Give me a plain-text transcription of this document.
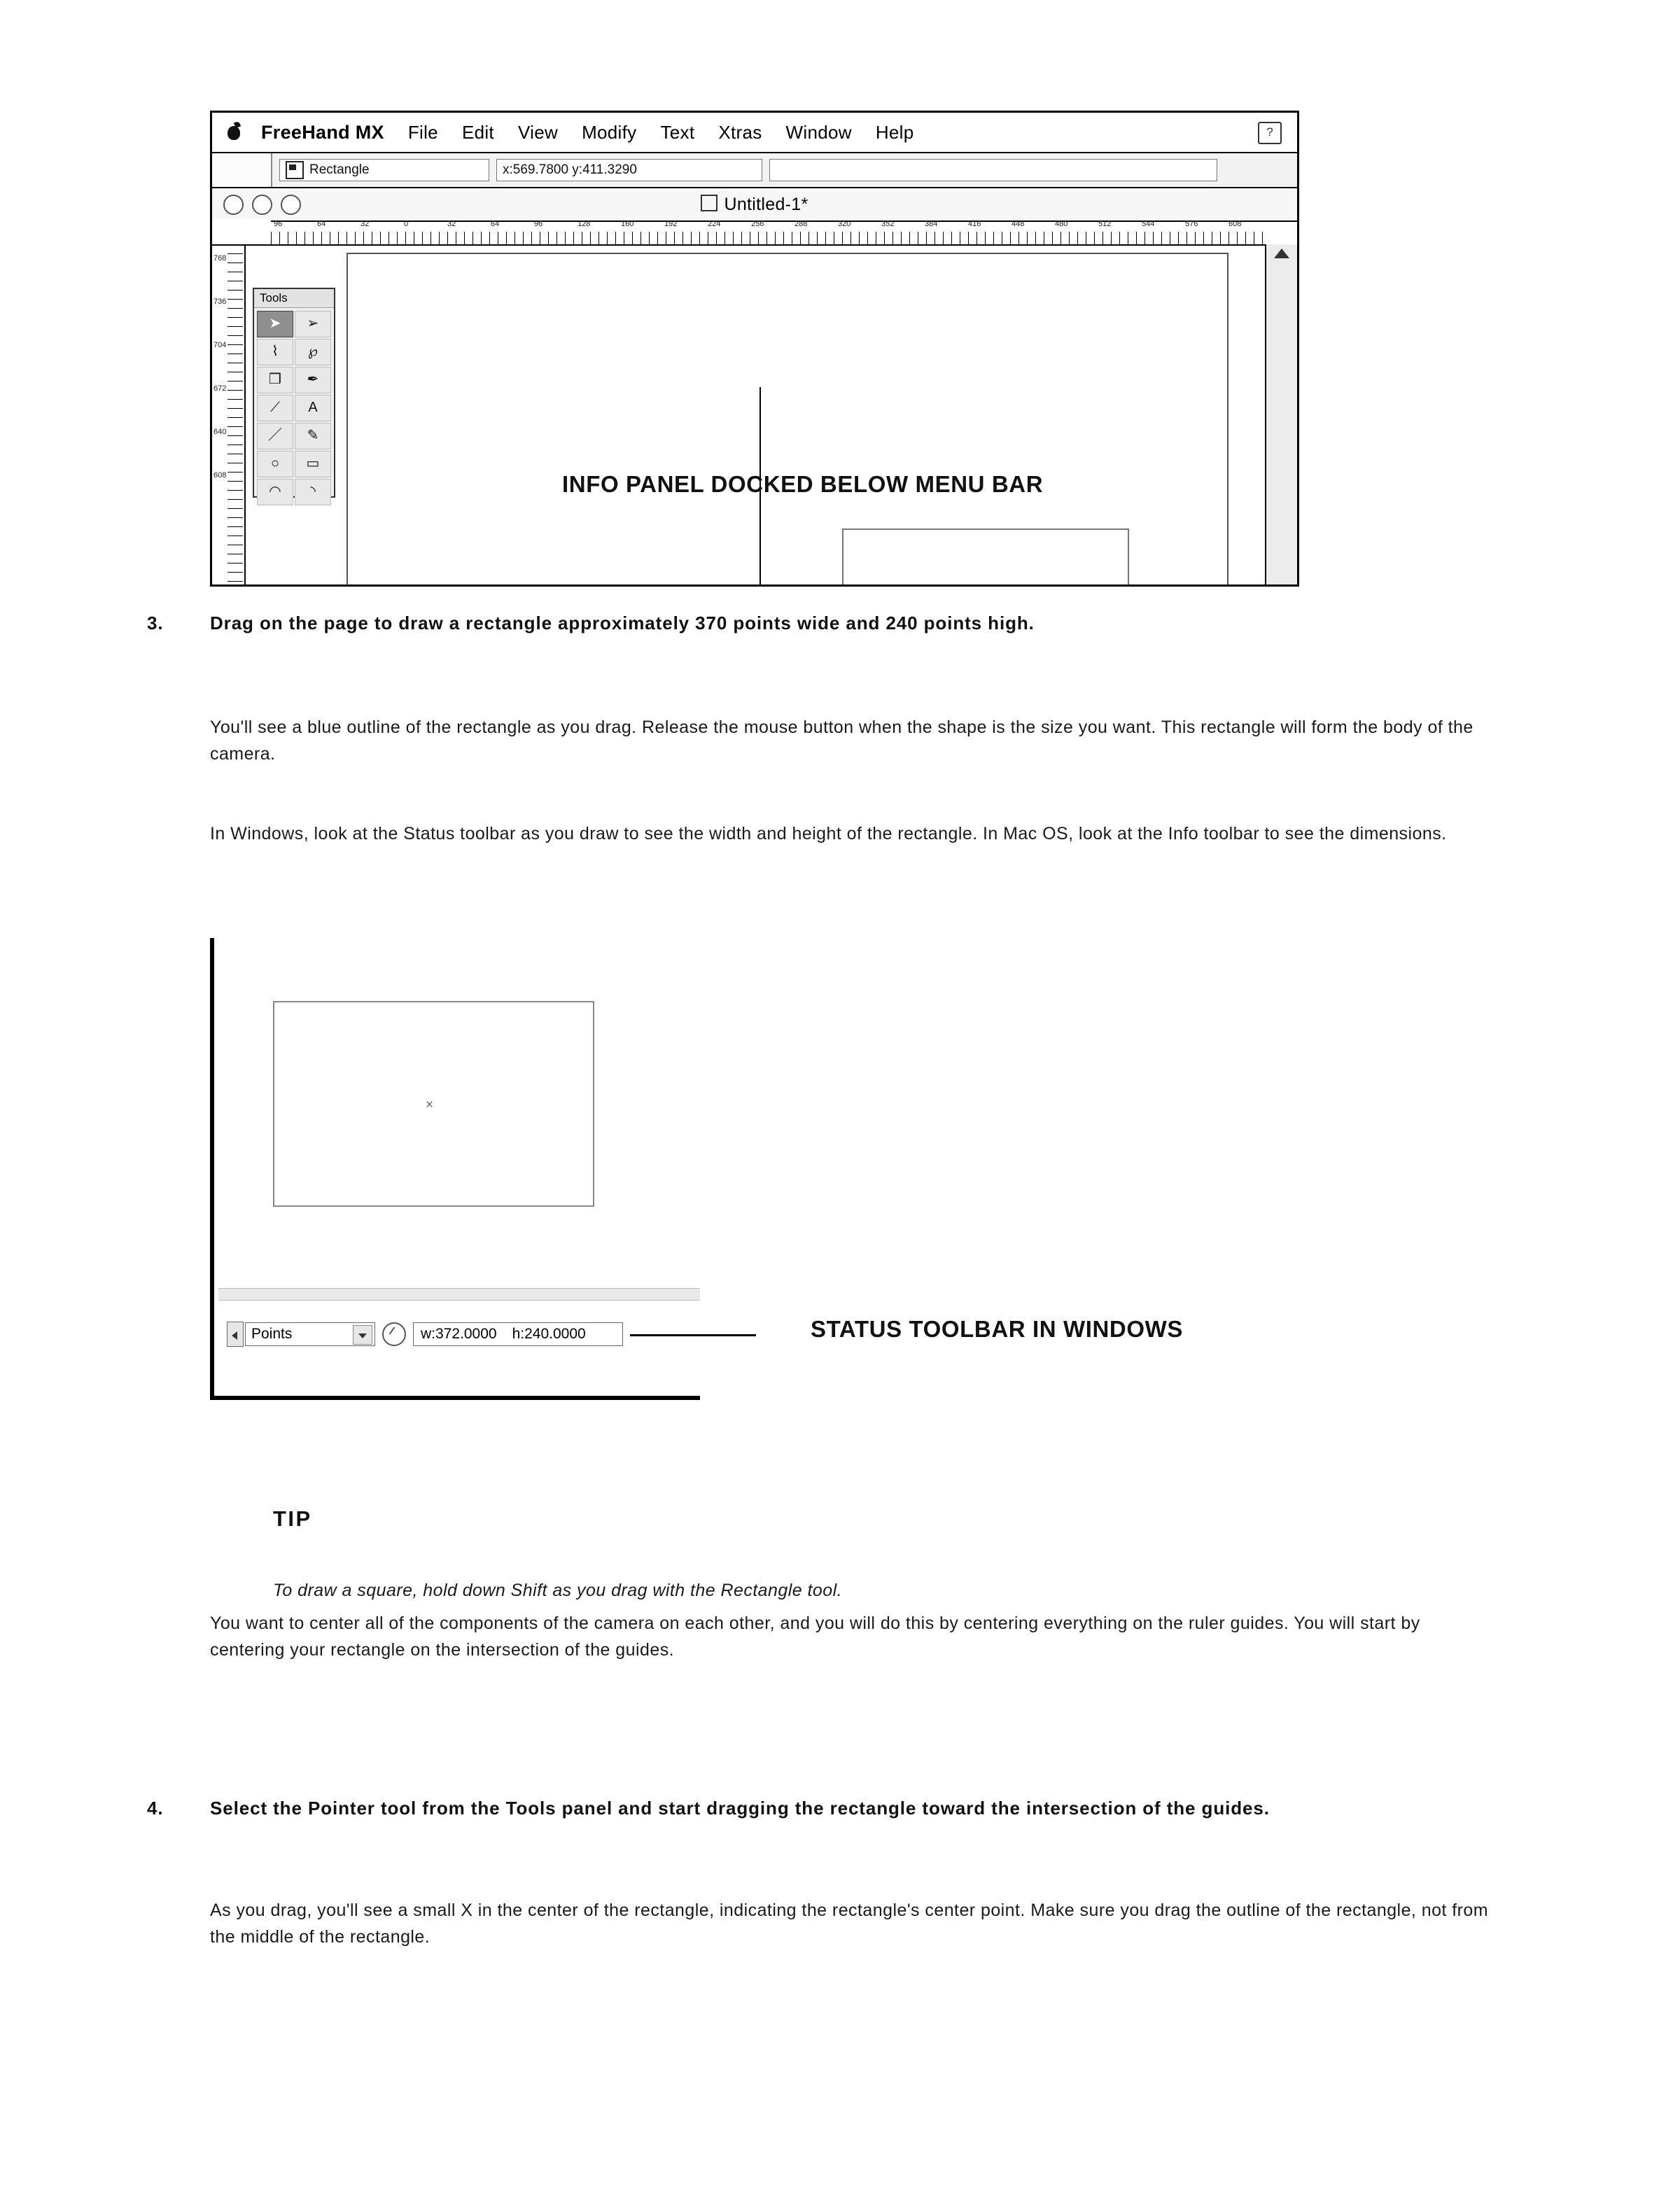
FreeHand MX File Edit View Modify Text Xtras Window Help	?
Rectangle	x:569.7800 y:411.3290
Untitled-1*
96	64	32	0	32	64	96	128	160	192	224	256	288	320	352	384	416	448	480	512	544	576	608
768
736
704
672
640
608
Tools
➤	➢
⌇	℘
❒	✒
⟋	A
／	✎
○	▭
◠	◝	INFO PANEL DOCKED BELOW MENU BAR
3.	Drag on the page to draw a rectangle approximately 370 points wide and 240 points high.
You'll see a blue outline of the rectangle as you drag. Release the mouse button when the shape is the size you want. This rectangle will form the body of the camera.
In Windows, look at the Status toolbar as you draw to see the width and height of the rectangle. In Mac OS, look at the Info toolbar to see the dimensions.
×
Points	w:372.0000 h:240.0000	STATUS TOOLBAR IN WINDOWS
TIP
To draw a square, hold down Shift as you drag with the Rectangle tool.
You want to center all of the components of the camera on each other, and you will do this by centering everything on the ruler guides. You will start by centering your rectangle on the intersection of the guides.
4.	Select the Pointer tool from the Tools panel and start dragging the rectangle toward the intersection of the guides.
As you drag, you'll see a small X in the center of the rectangle, indicating the rectangle's center point. Make sure you drag the outline of the rectangle, not from the middle of the rectangle.
